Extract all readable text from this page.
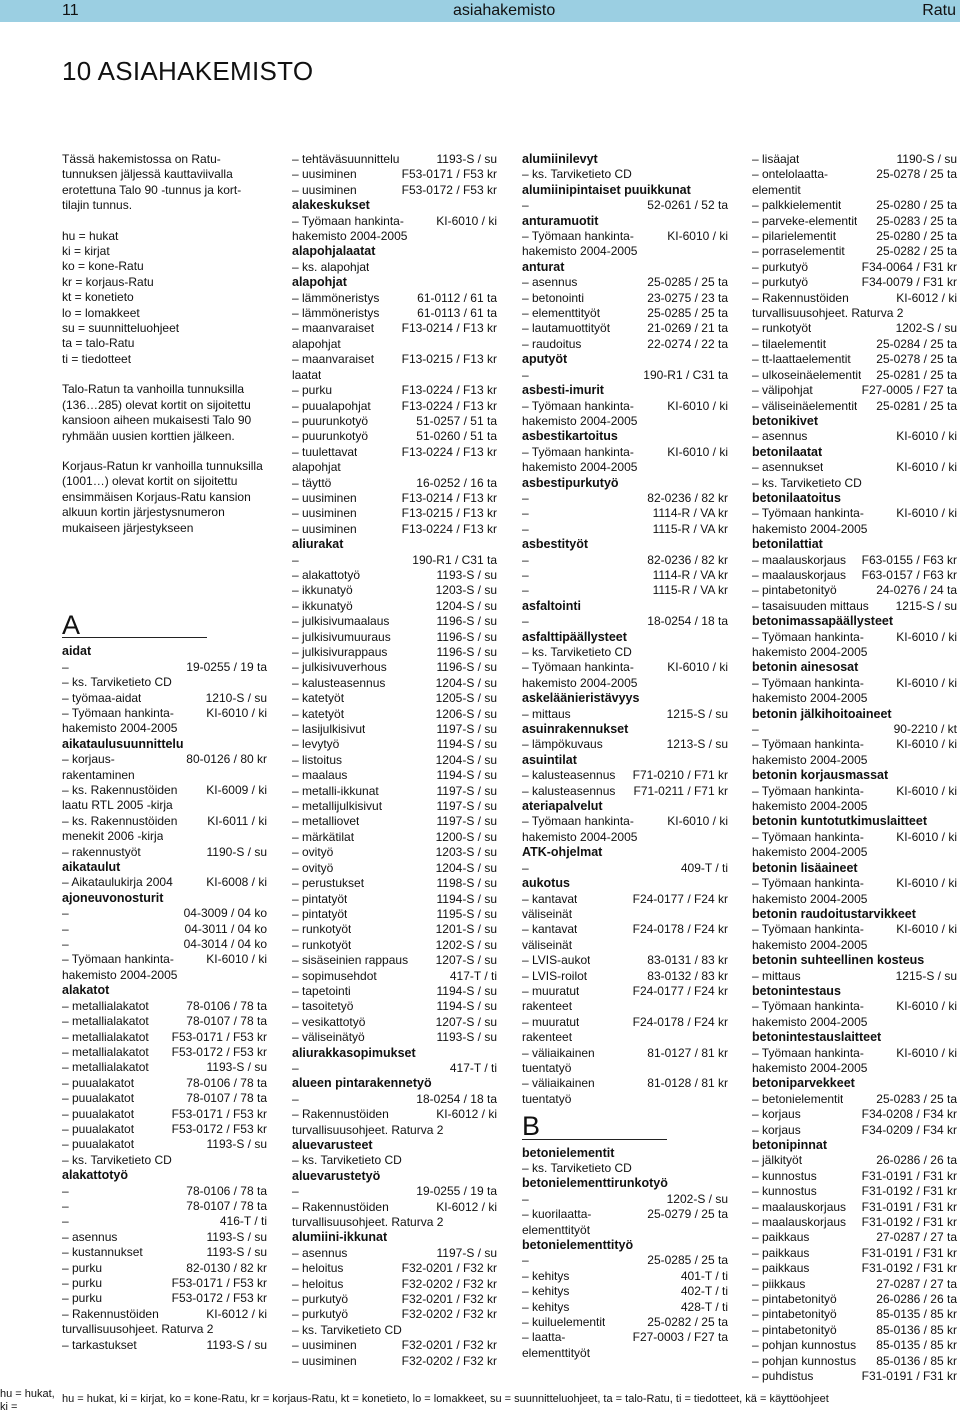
11	asiahakemisto	Ratu
10 ASIAHAKEMISTO
Tässä hakemistossa on Ratu-tunnuksen jäljessä kauttaviivalla erotettuna Talo 90 -tunnus ja kort-tilajin tunnus.
hu = hukat
ki = kirjat
ko = kone-Ratu
kr = korjaus-Ratu
kt = konetieto
lo = lomakkeet
su = suunnitteluohjeet
ta = talo-Ratu
ti = tiedotteet
Talo-Ratun ta vanhoilla tunnuksilla (136…285) olevat kortit on sijoitettu kansioon aiheen mukaisesti Talo 90 ryhmään uusien korttien jälkeen.
Korjaus-Ratun kr vanhoilla tunnuksilla (1001…) olevat kortit on sijoitettu ensimmäisen Korjaus-Ratu kansion alkuun kortin järjestysnumeron mukaiseen järjestykseen
A
aidat
–	19-0255 / 19 ta
– ks. Tarviketieto CD
– työmaa-aidat	1210-S / su
– Työmaan hankinta-	KI-6010 / ki
hakemisto 2004-2005
aikataulusuunnittelu
– korjaus-	80-0126 / 80 kr
rakentaminen
– ks. Rakennustöiden KI-6009 / ki
laatu RTL 2005 -kirja
– ks. Rakennustöiden KI-6011 / ki
menekit 2006 -kirja
– rakennustyöt	1190-S / su
aikataulut
– Aikataulukirja 2004	KI-6008 / ki
ajoneuvonosturit
–	04-3009 / 04 ko
–	04-3011 / 04 ko
–	04-3014 / 04 ko
– Työmaan hankinta-	KI-6010 / ki
hakemisto 2004-2005
alakatot
– metallialakatot	78-0106 / 78 ta
– metallialakatot	78-0107 / 78 ta
– metallialakatot F53-0171 / F53 kr
– metallialakatot F53-0172 / F53 kr
– metallialakatot	1193-S / su
– puualakatot	78-0106 / 78 ta
– puualakatot	78-0107 / 78 ta
– puualakatot	F53-0171 / F53 kr
– puualakatot	F53-0172 / F53 kr
– puualakatot	1193-S / su
– ks. Tarviketieto CD
alakattotyö
–	78-0106 / 78 ta
–	78-0107 / 78 ta
–	416-T / ti
– asennus	1193-S / su
– kustannukset	1193-S / su
– purku	82-0130 / 82 kr
– purku	F53-0171 / F53 kr
– purku	F53-0172 / F53 kr
– Rakennustöiden	KI-6012 / ki
turvallisuusohjeet. Raturva 2
– tarkastukset	1193-S / su
– tehtäväsuunnittelu	1193-S / su
– uusiminen	F53-0171 / F53 kr
– uusiminen	F53-0172 / F53 kr
alakeskukset
– Työmaan hankinta-	KI-6010 / ki
hakemisto 2004-2005
alapohjalaatat
– ks. alapohjat
alapohjat
– lämmöneristys	61-0112 / 61 ta
– lämmöneristys	61-0113 / 61 ta
– maanvaraiset F13-0214 / F13 kr
alapohjat
– maanvaraiset F13-0215 / F13 kr
laatat
– purku	F13-0224 / F13 kr
– puualapohjat	F13-0224 / F13 kr
– puurunkotyö	51-0257 / 51 ta
– puurunkotyö	51-0260 / 51 ta
– tuulettavat	F13-0224 / F13 kr
alapohjat
– täyttö	16-0252 / 16 ta
– uusiminen	F13-0214 / F13 kr
– uusiminen	F13-0215 / F13 kr
– uusiminen	F13-0224 / F13 kr
aliurakat
–	190-R1 / C31 ta
– alakattotyö	1193-S / su
– ikkunatyö	1203-S / su
– ikkunatyö	1204-S / su
– julkisivumaalaus	1196-S / su
– julkisivumuuraus	1196-S / su
– julkisivurappaus	1196-S / su
– julkisivuverhous	1196-S / su
– kalusteasennus	1204-S / su
– katetyöt	1205-S / su
– katetyöt	1206-S / su
– lasijulkisivut	1197-S / su
– levytyö	1194-S / su
– listoitus	1204-S / su
– maalaus	1194-S / su
– metalli-ikkunat	1197-S / su
– metallijulkisivut	1197-S / su
– metalliovet	1197-S / su
– märkätilat	1200-S / su
– ovityö	1203-S / su
– ovityö	1204-S / su
– perustukset	1198-S / su
– pintatyöt	1194-S / su
– pintatyöt	1195-S / su
– runkotyöt	1201-S / su
– runkotyöt	1202-S / su
– sisäseinien rappaus 1207-S / su
– sopimusehdot	417-T / ti
– tapetointi	1194-S / su
– tasoitetyö	1194-S / su
– vesikattotyö	1207-S / su
– väliseinätyö	1193-S / su
aliurakkasopimukset
–	417-T / ti
alueen pintarakennetyö
–	18-0254 / 18 ta
– Rakennustöiden	KI-6012 / ki
turvallisuusohjeet. Raturva 2
aluevarusteet
– ks. Tarviketieto CD
aluevarustetyö
–	19-0255 / 19 ta
– Rakennustöiden	KI-6012 / ki
turvallisuusohjeet. Raturva 2
alumiini-ikkunat
– asennus	1197-S / su
– heloitus	F32-0201 / F32 kr
– heloitus	F32-0202 / F32 kr
– purkutyö	F32-0201 / F32 kr
– purkutyö	F32-0202 / F32 kr
– ks. Tarviketieto CD
– uusiminen	F32-0201 / F32 kr
– uusiminen	F32-0202 / F32 kr
alumiinilevyt
– ks. Tarviketieto CD
alumiinipintaiset puuikkunat
–	52-0261 / 52 ta
anturamuotit
– Työmaan hankinta-	KI-6010 / ki
hakemisto 2004-2005
anturat
– asennus	25-0285 / 25 ta
– betonointi	23-0275 / 23 ta
– elementtityöt	25-0285 / 25 ta
– lautamuottityöt	21-0269 / 21 ta
– raudoitus	22-0274 / 22 ta
aputyöt
–	190-R1 / C31 ta
asbesti-imurit
– Työmaan hankinta-	KI-6010 / ki
hakemisto 2004-2005
asbestikartoitus
– Työmaan hankinta-	KI-6010 / ki
hakemisto 2004-2005
asbestipurkutyö
–	82-0236 / 82 kr
–	1114-R / VA kr
–	1115-R / VA kr
asbestityöt
–	82-0236 / 82 kr
–	1114-R / VA kr
–	1115-R / VA kr
asfaltointi
–	18-0254 / 18 ta
asfalttipäällysteet
– ks. Tarviketieto CD
– Työmaan hankinta-	KI-6010 / ki
hakemisto 2004-2005
askeläänieristävyys
– mittaus	1215-S / su
asuinrakennukset
– lämpökuvaus	1213-S / su
asuintilat
– kalusteasennus F71-0210 / F71 kr
– kalusteasennus F71-0211 / F71 kr
ateriapalvelut
– Työmaan hankinta-	KI-6010 / ki
hakemisto 2004-2005
ATK-ohjelmat
–	409-T / ti
aukotus
– kantavat	F24-0177 / F24 kr
väliseinät
– kantavat	F24-0178 / F24 kr
väliseinät
– LVIS-aukot	83-0131 / 83 kr
– LVIS-roilot	83-0132 / 83 kr
– muuratut	F24-0177 / F24 kr
rakenteet
– muuratut	F24-0178 / F24 kr
rakenteet
– väliaikainen	81-0127 / 81 kr
tuentatyö
– väliaikainen	81-0128 / 81 kr
tuentatyö
B
betonielementit
– ks. Tarviketieto CD
betonielementtirunkotyö
–	1202-S / su
– kuorilaatta-	25-0279 / 25 ta
elementtityöt
betonielementtityö
–	25-0285 / 25 ta
– kehitys	401-T / ti
– kehitys	402-T / ti
– kehitys	428-T / ti
– kuiluelementit	25-0282 / 25 ta
– laatta-	F27-0003 / F27 ta
elementtityöt
– lisäajat	1190-S / su
– ontelolaatta-	25-0278 / 25 ta
elementit
– palkkielementit	25-0280 / 25 ta
– parveke-elementit 25-0283 / 25 ta
– pilarielementit	25-0280 / 25 ta
– porraselementit	25-0282 / 25 ta
– purkutyö	F34-0064 / F31 kr
– purkutyö	F34-0079 / F31 kr
– Rakennustöiden	KI-6012 / ki
turvallisuusohjeet. Raturva 2
– runkotyöt	1202-S / su
– tilaelementit	25-0284 / 25 ta
– tt-laattaelementit 25-0278 / 25 ta
– ulkoseinäelementit 25-0281 / 25 ta
– välipohjat	F27-0005 / F27 ta
– väliseinäelementit 25-0281 / 25 ta
betonikivet
– asennus	KI-6010 / ki
betonilaatat
– asennukset	KI-6010 / ki
– ks. Tarviketieto CD
betonilaatoitus
– Työmaan hankinta-	KI-6010 / ki
hakemisto 2004-2005
betonilattiat
– maalauskorjaus F63-0155 / F63 kr
– maalauskorjaus F63-0157 / F63 kr
– pintabetonityö	24-0276 / 24 ta
– tasaisuuden mittaus 1215-S / su
betonimassapäällysteet
– Työmaan hankinta-	KI-6010 / ki
hakemisto 2004-2005
betonin ainesosat
– Työmaan hankinta-	KI-6010 / ki
hakemisto 2004-2005
betonin jälkihoitoaineet
–	90-2210 / kt
– Työmaan hankinta-	KI-6010 / ki
hakemisto 2004-2005
betonin korjausmassat
– Työmaan hankinta-	KI-6010 / ki
hakemisto 2004-2005
betonin kuntotutkimuslaitteet
– Työmaan hankinta-	KI-6010 / ki
hakemisto 2004-2005
betonin lisäaineet
– Työmaan hankinta-	KI-6010 / ki
hakemisto 2004-2005
betonin raudoitustarvikkeet
– Työmaan hankinta-	KI-6010 / ki
hakemisto 2004-2005
betonin suhteellinen kosteus
– mittaus	1215-S / su
betonintestaus
– Työmaan hankinta-	KI-6010 / ki
hakemisto 2004-2005
betonintestauslaitteet
– Työmaan hankinta-	KI-6010 / ki
hakemisto 2004-2005
betoniparvekkeet
– betonielementit	25-0283 / 25 ta
– korjaus	F34-0208 / F34 kr
– korjaus	F34-0209 / F34 kr
betonipinnat
– jälkityöt	26-0286 / 26 ta
– kunnostus	F31-0191 / F31 kr
– kunnostus	F31-0192 / F31 kr
– maalauskorjaus F31-0191 / F31 kr
– maalauskorjaus F31-0192 / F31 kr
– paikkaus	27-0287 / 27 ta
– paikkaus	F31-0191 / F31 kr
– paikkaus	F31-0192 / F31 kr
– piikkaus	27-0287 / 27 ta
– pintabetonityö	26-0286 / 26 ta
– pintabetonityö	85-0135 / 85 kr
– pintabetonityö	85-0136 / 85 kr
– pohjan kunnostus 85-0135 / 85 kr
– pohjan kunnostus 85-0136 / 85 kr
– puhdistus	F31-0191 / F31 kr
hu = hukat, ki =
hu = hukat, ki = kirjat, ko = kone-Ratu, kr = korjaus-Ratu, kt = konetieto, lo = lomakkeet, su = suunnitteluohjeet, ta = talo-Ratu, ti = tiedotteet, kä = käyttöohjeet
